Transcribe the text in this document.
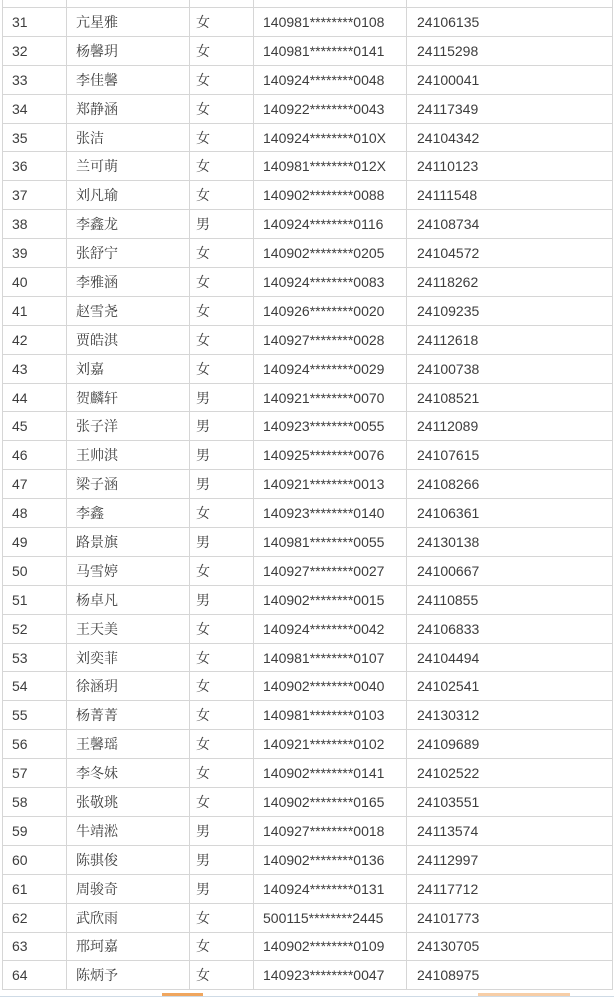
31	亢星雅	女	140981********0108	24106135
32	杨馨玥	女	140981********0141	24115298
33	李佳馨	女	140924********0048	24100041
34	郑静涵	女	140922********0043	24117349
35	张洁	女	140924********010X	24104342
36	兰可萌	女	140981********012X	24110123
37	刘凡瑜	女	140902********0088	24111548
38	李鑫龙	男	140924********0116	24108734
39	张舒宁	女	140902********0205	24104572
40	李雅涵	女	140924********0083	24118262
41	赵雪尧	女	140926********0020	24109235
42	贾皓淇	女	140927********0028	24112618
43	刘嘉	女	140924********0029	24100738
44	贺麟轩	男	140921********0070	24108521
45	张子洋	男	140923********0055	24112089
46	王帅淇	男	140925********0076	24107615
47	梁子涵	男	140921********0013	24108266
48	李鑫	女	140923********0140	24106361
49	路景旗	男	140981********0055	24130138
50	马雪婷	女	140927********0027	24100667
51	杨卓凡	男	140902********0015	24110855
52	王天美	女	140924********0042	24106833
53	刘奕菲	女	140981********0107	24104494
54	徐涵玥	女	140902********0040	24102541
55	杨菁菁	女	140981********0103	24130312
56	王馨瑶	女	140921********0102	24109689
57	李冬妹	女	140902********0141	24102522
58	张敬珧	女	140902********0165	24103551
59	牛靖淞	男	140927********0018	24113574
60	陈骐俊	男	140902********0136	24112997
61	周骏奇	男	140924********0131	24117712
62	武欣雨	女	500115********2445	24101773
63	邢珂嘉	女	140902********0109	24130705
64	陈炳予	女	140923********0047	24108975
